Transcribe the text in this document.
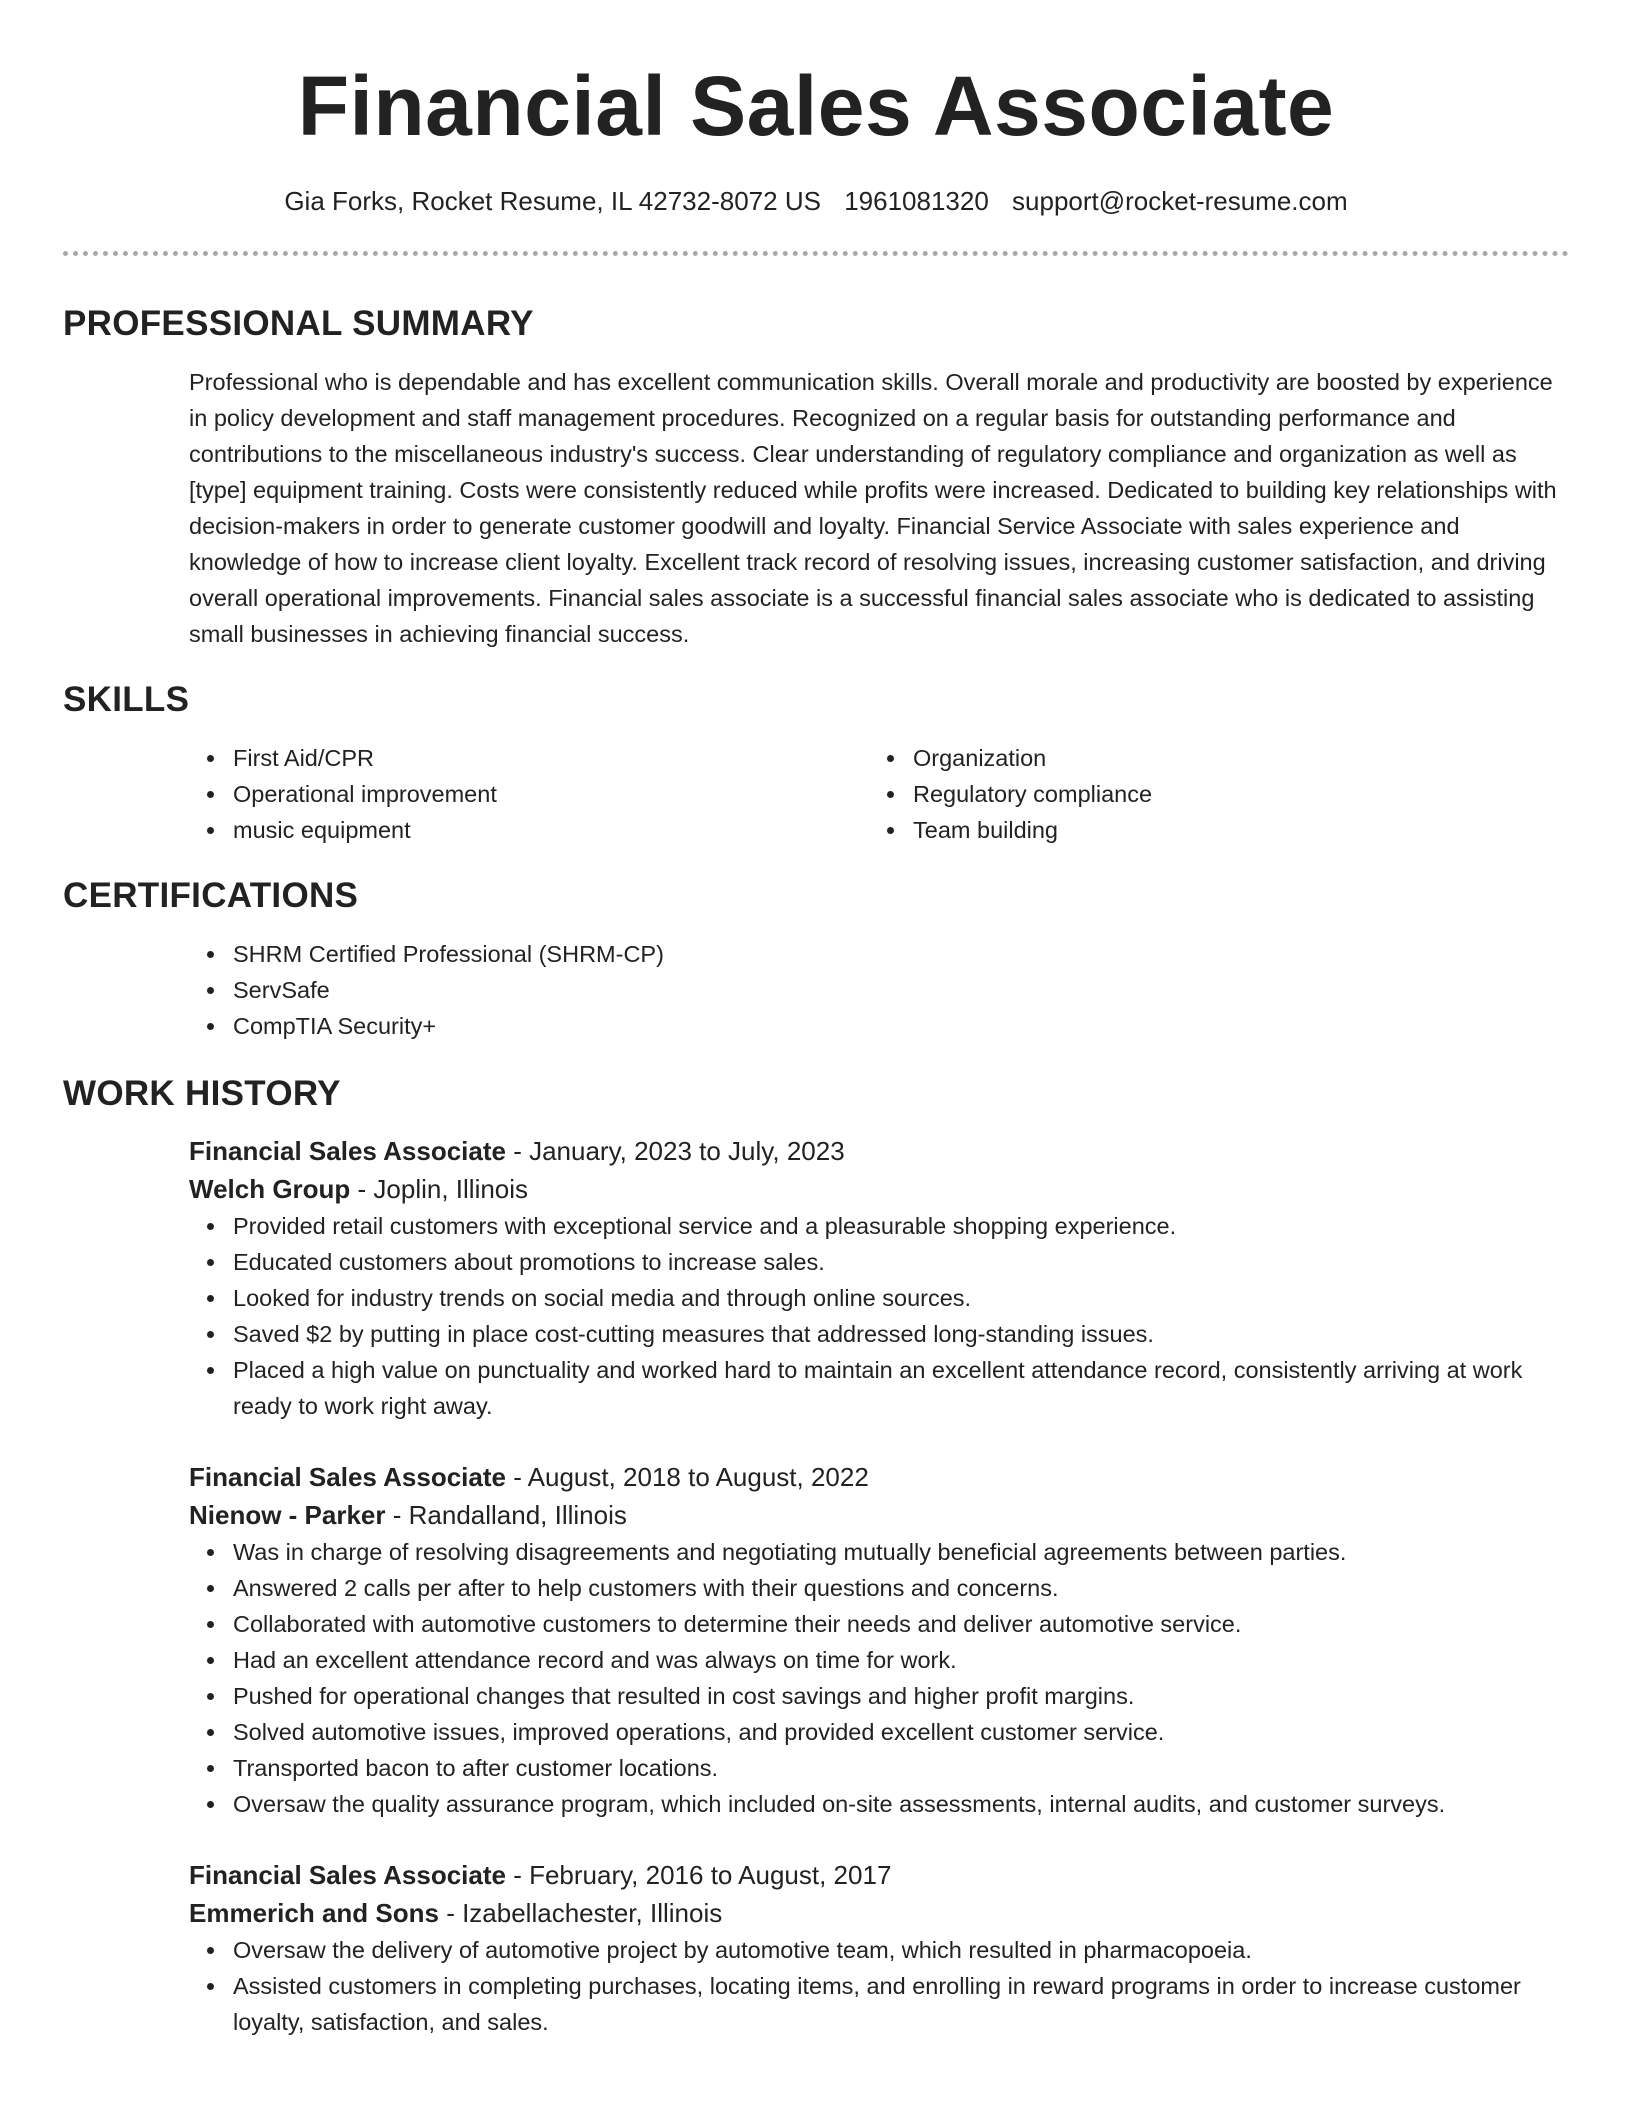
Financial Sales Associate
Gia Forks, Rocket Resume, IL 42732-8072 US 1961081320 support@rocket-resume.com
PROFESSIONAL SUMMARY
Professional who is dependable and has excellent communication skills. Overall morale and productivity are boosted by experience in policy development and staff management procedures. Recognized on a regular basis for outstanding performance and contributions to the miscellaneous industry's success. Clear understanding of regulatory compliance and organization as well as [type] equipment training. Costs were consistently reduced while profits were increased. Dedicated to building key relationships with decision-makers in order to generate customer goodwill and loyalty. Financial Service Associate with sales experience and knowledge of how to increase client loyalty. Excellent track record of resolving issues, increasing customer satisfaction, and driving overall operational improvements. Financial sales associate is a successful financial sales associate who is dedicated to assisting small businesses in achieving financial success.
SKILLS
First Aid/CPR
Operational improvement
music equipment
Organization
Regulatory compliance
Team building
CERTIFICATIONS
SHRM Certified Professional (SHRM-CP)
ServSafe
CompTIA Security+
WORK HISTORY
Financial Sales Associate - January, 2023 to July, 2023
Welch Group - Joplin, Illinois
Provided retail customers with exceptional service and a pleasurable shopping experience.
Educated customers about promotions to increase sales.
Looked for industry trends on social media and through online sources.
Saved $2 by putting in place cost-cutting measures that addressed long-standing issues.
Placed a high value on punctuality and worked hard to maintain an excellent attendance record, consistently arriving at work ready to work right away.
Financial Sales Associate - August, 2018 to August, 2022
Nienow - Parker - Randalland, Illinois
Was in charge of resolving disagreements and negotiating mutually beneficial agreements between parties.
Answered 2 calls per after to help customers with their questions and concerns.
Collaborated with automotive customers to determine their needs and deliver automotive service.
Had an excellent attendance record and was always on time for work.
Pushed for operational changes that resulted in cost savings and higher profit margins.
Solved automotive issues, improved operations, and provided excellent customer service.
Transported bacon to after customer locations.
Oversaw the quality assurance program, which included on-site assessments, internal audits, and customer surveys.
Financial Sales Associate - February, 2016 to August, 2017
Emmerich and Sons - Izabellachester, Illinois
Oversaw the delivery of automotive project by automotive team, which resulted in pharmacopoeia.
Assisted customers in completing purchases, locating items, and enrolling in reward programs in order to increase customer loyalty, satisfaction, and sales.
